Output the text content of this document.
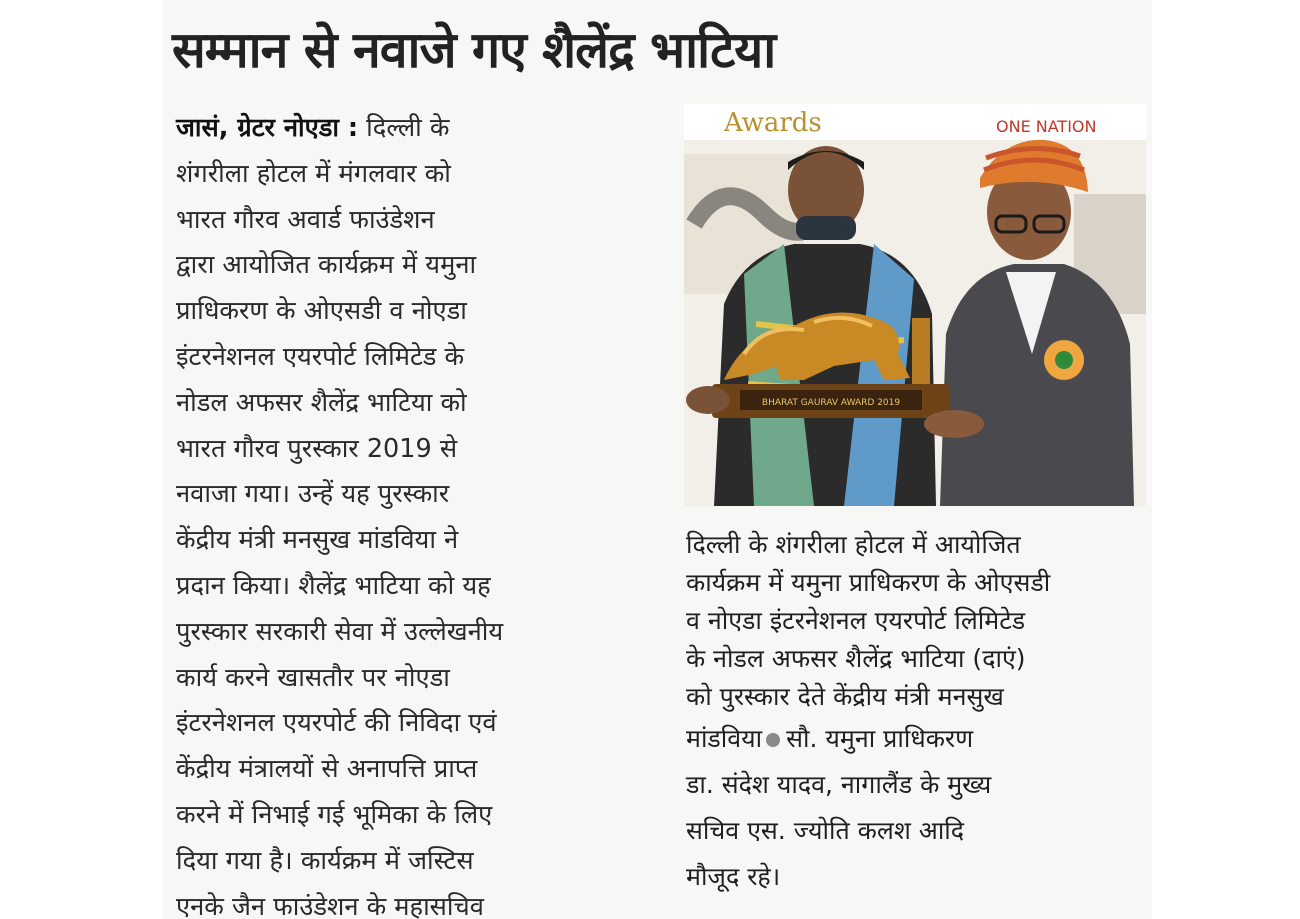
सम्मान से नवाजे गए शैलेंद्र भाटिया
जासं, ग्रेटर नोएडा : दिल्ली के
शंगरीला होटल में मंगलवार को
भारत गौरव अवार्ड फाउंडेशन
द्वारा आयोजित कार्यक्रम में यमुना
प्राधिकरण के ओएसडी व नोएडा
इंटरनेशनल एयरपोर्ट लिमिटेड के
नोडल अफसर शैलेंद्र भाटिया को
भारत गौरव पुरस्कार 2019 से
नवाजा गया। उन्हें यह पुरस्कार
केंद्रीय मंत्री मनसुख मांडविया ने
प्रदान किया। शैलेंद्र भाटिया को यह
पुरस्कार सरकारी सेवा में उल्लेखनीय
कार्य करने खासतौर पर नोएडा
इंटरनेशनल एयरपोर्ट की निविदा एवं
केंद्रीय मंत्रालयों से अनापत्ति प्राप्त
करने में निभाई गई भूमिका के लिए
दिया गया है। कार्यक्रम में जस्टिस
एनके जैन फाउंडेशन के महासचिव
Awards	ONE NATION
BHARAT GAURAV AWARD 2019
दिल्ली के शंगरीला होटल में आयोजित
कार्यक्रम में यमुना प्राधिकरण के ओएसडी
व नोएडा इंटरनेशनल एयरपोर्ट लिमिटेड
के नोडल अफसर शैलेंद्र भाटिया (दाएं)
को पुरस्कार देते केंद्रीय मंत्री मनसुख
मांडविया सौ. यमुना प्राधिकरण
डा. संदेश यादव, नागालैंड के मुख्य
सचिव एस. ज्योति कलश आदि
मौजूद रहे।
